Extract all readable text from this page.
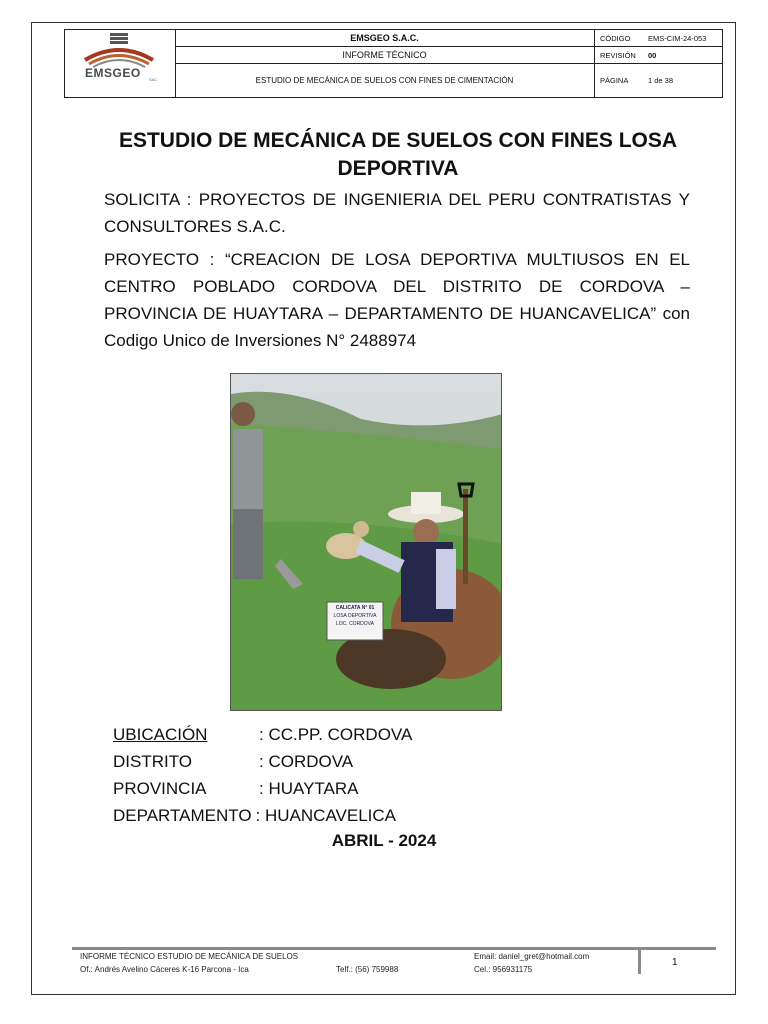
EMSGEO SAC
EMSGEO S.A.C.
INFORME TÉCNICO
ESTUDIO DE MECÁNICA DE SUELOS CON FINES DE CIMENTACIÓN
CÓDIGO	EMS-CIM-24-053
REVISIÓN	00
PÁGINA	1 de 38
ESTUDIO DE MECÁNICA DE SUELOS CON FINES LOSA DEPORTIVA
SOLICITA : PROYECTOS DE INGENIERIA DEL PERU CONTRATISTAS Y CONSULTORES S.A.C.
PROYECTO : “CREACION DE LOSA DEPORTIVA MULTIUSOS EN EL CENTRO POBLADO CORDOVA DEL DISTRITO DE CORDOVA – PROVINCIA DE HUAYTARA – DEPARTAMENTO DE HUANCAVELICA” con Codigo Unico de Inversiones N° 2488974
CALICATA N° 01
LOSA DEPORTIVA
LOC. CORDOVA
UBICACIÓN	: CC.PP. CORDOVA
DISTRITO	: CORDOVA
PROVINCIA	: HUAYTARA
DEPARTAMENTO : HUANCAVELICA
ABRIL - 2024
INFORME TÉCNICO ESTUDIO DE MECÁNICA DE SUELOS
Of.: Andrés Avelino Cáceres K-16 Parcona - Ica	Telf.: (56) 759988
Email: daniel_gret@hotmail.com
Cel.: 956931175
1
